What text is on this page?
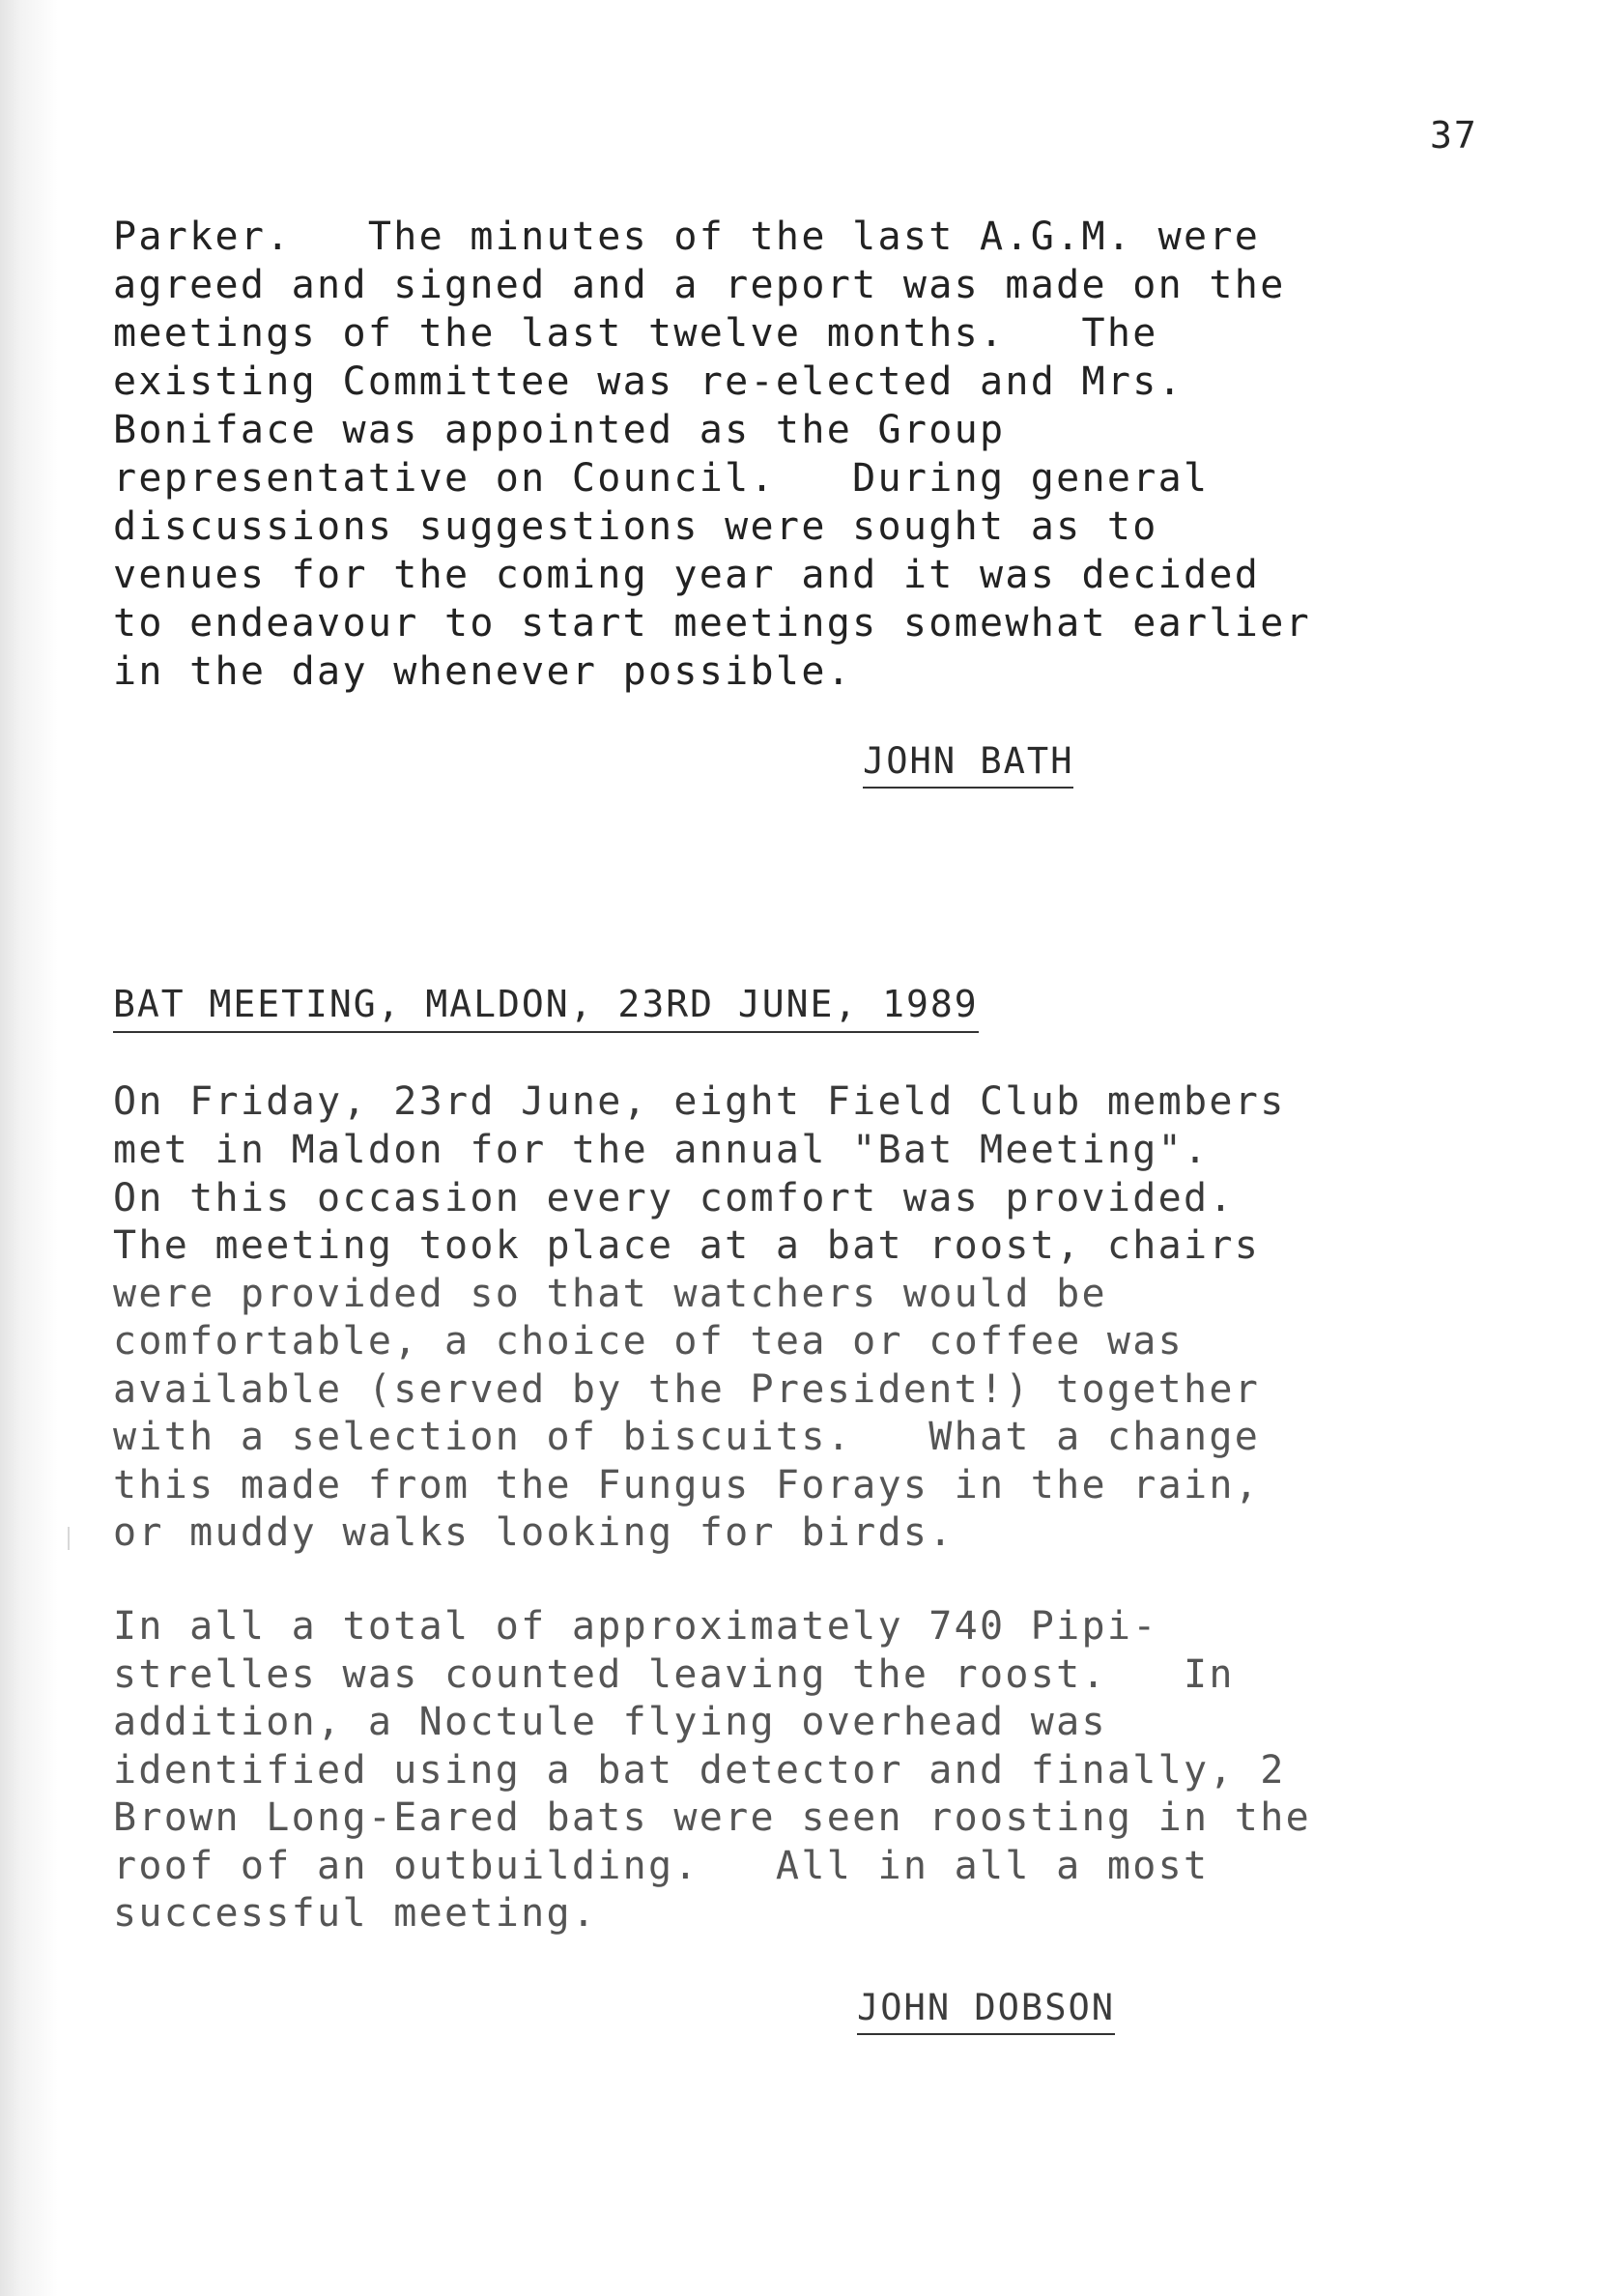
37
Parker.   The minutes of the last A.G.M. were
agreed and signed and a report was made on the
meetings of the last twelve months.   The
existing Committee was re-elected and Mrs.
Boniface was appointed as the Group
representative on Council.   During general
discussions suggestions were sought as to
venues for the coming year and it was decided
to endeavour to start meetings somewhat earlier
in the day whenever possible.
JOHN BATH
BAT MEETING, MALDON, 23RD JUNE, 1989
On Friday, 23rd June, eight Field Club members
met in Maldon for the annual "Bat Meeting".
On this occasion every comfort was provided.
The meeting took place at a bat roost, chairs
were provided so that watchers would be
comfortable, a choice of tea or coffee was
available (served by the President!) together
with a selection of biscuits.   What a change
this made from the Fungus Forays in the rain,
or muddy walks looking for birds.
In all a total of approximately 740 Pipi-
strelles was counted leaving the roost.   In
addition, a Noctule flying overhead was
identified using a bat detector and finally, 2
Brown Long-Eared bats were seen roosting in the
roof of an outbuilding.   All in all a most
successful meeting.
JOHN DOBSON
